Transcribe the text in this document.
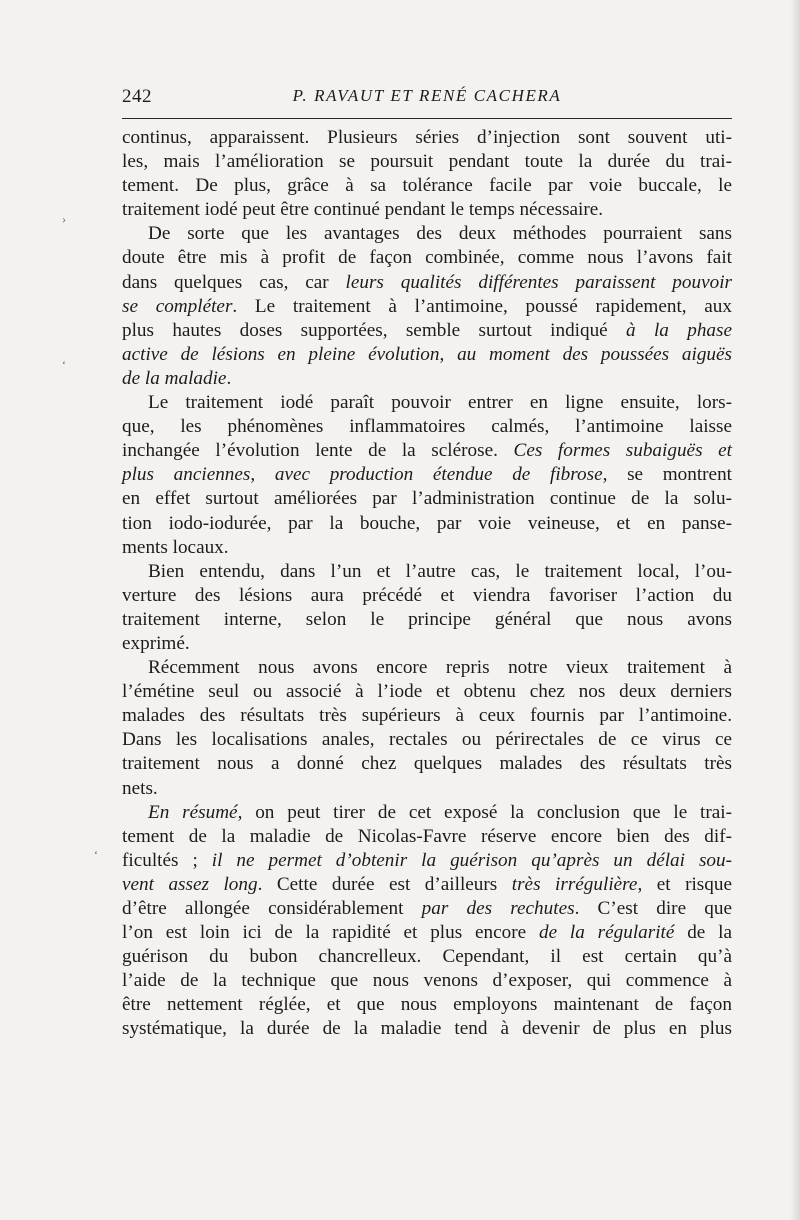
242	P. RAVAUT ET RENÉ CACHERA
›
‘
‘
continus, apparaissent. Plusieurs séries d’injection sont souvent uti-
les, mais l’amélioration se poursuit pendant toute la durée du trai-
tement. De plus, grâce à sa tolérance facile par voie buccale, le
traitement iodé peut être continué pendant le temps nécessaire.
De sorte que les avantages des deux méthodes pourraient sans
doute être mis à profit de façon combinée, comme nous l’avons fait
dans quelques cas, car leurs qualités différentes paraissent pouvoir
se compléter. Le traitement à l’antimoine, poussé rapidement, aux
plus hautes doses supportées, semble surtout indiqué à la phase
active de lésions en pleine évolution, au moment des poussées aiguës
de la maladie.
Le traitement iodé paraît pouvoir entrer en ligne ensuite, lors-
que, les phénomènes inflammatoires calmés, l’antimoine laisse
inchangée l’évolution lente de la sclérose. Ces formes subaiguës et
plus anciennes, avec production étendue de fibrose, se montrent
en effet surtout améliorées par l’administration continue de la solu-
tion iodo-iodurée, par la bouche, par voie veineuse, et en panse-
ments locaux.
Bien entendu, dans l’un et l’autre cas, le traitement local, l’ou-
verture des lésions aura précédé et viendra favoriser l’action du
traitement interne, selon le principe général que nous avons
exprimé.
Récemment nous avons encore repris notre vieux traitement à
l’émétine seul ou associé à l’iode et obtenu chez nos deux derniers
malades des résultats très supérieurs à ceux fournis par l’antimoine.
Dans les localisations anales, rectales ou périrectales de ce virus ce
traitement nous a donné chez quelques malades des résultats très
nets.
En résumé, on peut tirer de cet exposé la conclusion que le trai-
tement de la maladie de Nicolas-Favre réserve encore bien des dif-
ficultés ; il ne permet d’obtenir la guérison qu’après un délai sou-
vent assez long. Cette durée est d’ailleurs très irrégulière, et risque
d’être allongée considérablement par des rechutes. C’est dire que
l’on est loin ici de la rapidité et plus encore de la régularité de la
guérison du bubon chancrelleux. Cependant, il est certain qu’à
l’aide de la technique que nous venons d’exposer, qui commence à
être nettement réglée, et que nous employons maintenant de façon
systématique, la durée de la maladie tend à devenir de plus en plus
